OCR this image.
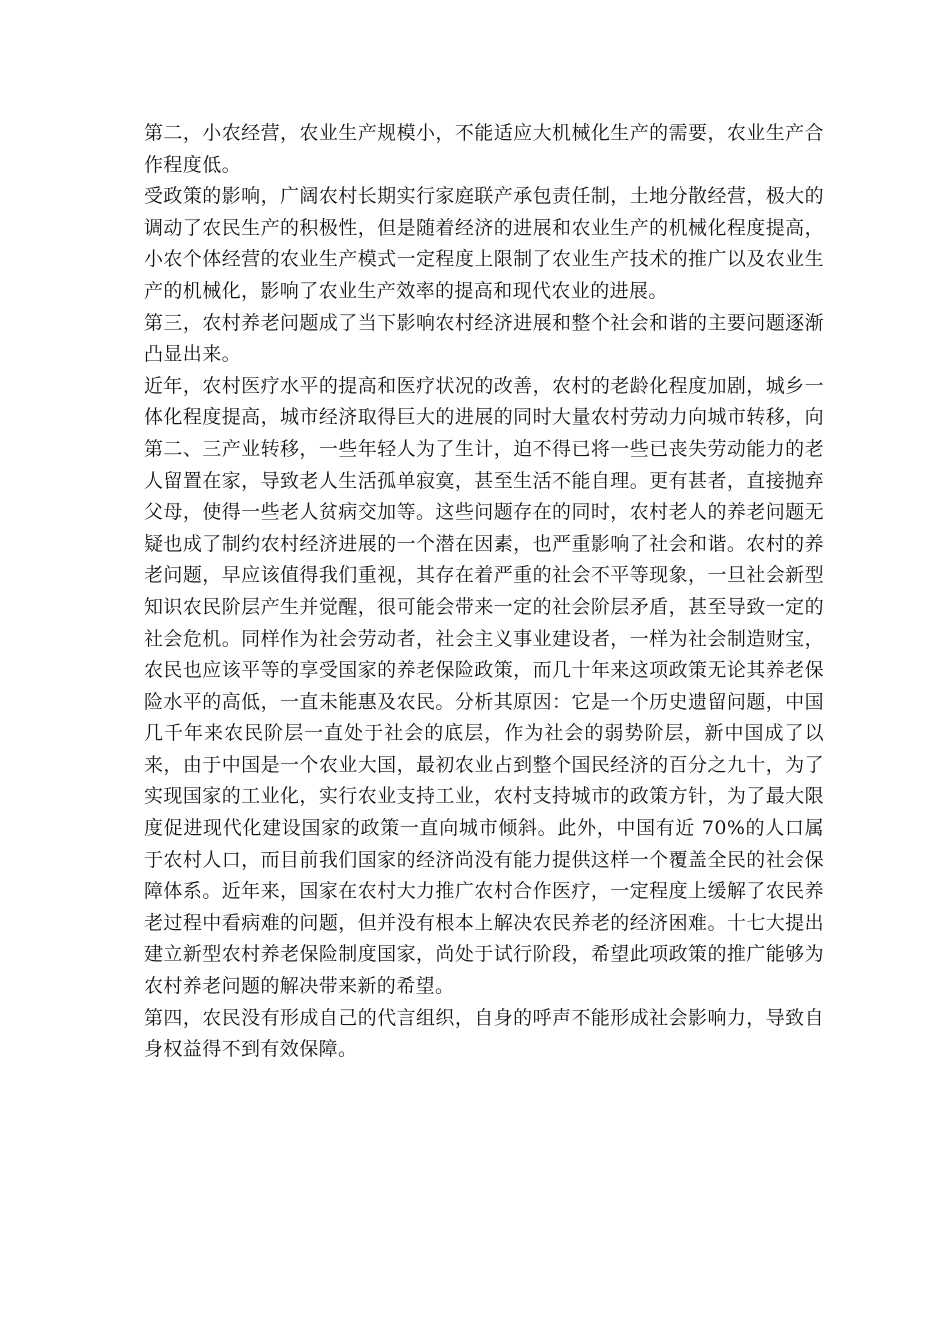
第二，小农经营，农业生产规模小，不能适应大机械化生产的需要，农业生产合作程度低。

受政策的影响，广阔农村长期实行家庭联产承包责任制，土地分散经营，极大的调动了农民生产的积极性，但是随着经济的进展和农业生产的机械化程度提高，小农个体经营的农业生产模式一定程度上限制了农业生产技术的推广以及农业生产的机械化，影响了农业生产效率的提高和现代农业的进展。

第三，农村养老问题成了当下影响农村经济进展和整个社会和谐的主要问题逐渐凸显出来。

近年，农村医疗水平的提高和医疗状况的改善，农村的老龄化程度加剧，城乡一体化程度提高，城市经济取得巨大的进展的同时大量农村劳动力向城市转移，向第二、三产业转移，一些年轻人为了生计，迫不得已将一些已丧失劳动能力的老人留置在家，导致老人生活孤单寂寞，甚至生活不能自理。更有甚者，直接抛弃父母，使得一些老人贫病交加等。这些问题存在的同时，农村老人的养老问题无疑也成了制约农村经济进展的一个潜在因素，也严重影响了社会和谐。农村的养老问题，早应该值得我们重视，其存在着严重的社会不平等现象，一旦社会新型知识农民阶层产生并觉醒，很可能会带来一定的社会阶层矛盾，甚至导致一定的社会危机。同样作为社会劳动者，社会主义事业建设者，一样为社会制造财宝，农民也应该平等的享受国家的养老保险政策，而几十年来这项政策无论其养老保险水平的高低，一直未能惠及农民。分析其原因：它是一个历史遗留问题，中国几千年来农民阶层一直处于社会的底层，作为社会的弱势阶层，新中国成了以来，由于中国是一个农业大国，最初农业占到整个国民经济的百分之九十，为了实现国家的工业化，实行农业支持工业，农村支持城市的政策方针，为了最大限度促进现代化建设国家的政策一直向城市倾斜。此外，中国有近 70%的人口属于农村人口，而目前我们国家的经济尚没有能力提供这样一个覆盖全民的社会保障体系。近年来，国家在农村大力推广农村合作医疗，一定程度上缓解了农民养老过程中看病难的问题，但并没有根本上解决农民养老的经济困难。十七大提出建立新型农村养老保险制度国家，尚处于试行阶段，希望此项政策的推广能够为农村养老问题的解决带来新的希望。

第四，农民没有形成自己的代言组织，自身的呼声不能形成社会影响力，导致自身权益得不到有效保障。
